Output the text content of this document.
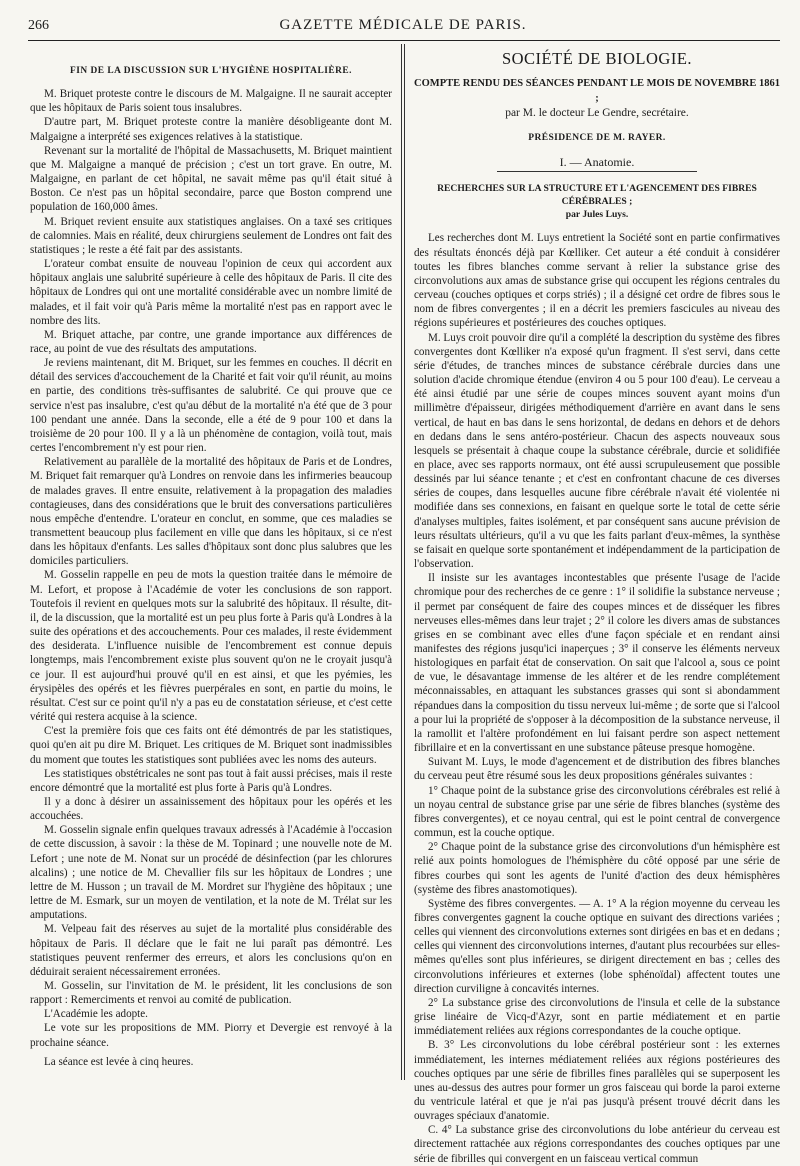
266	GAZETTE MÉDICALE DE PARIS.
FIN DE LA DISCUSSION SUR L'HYGIÈNE HOSPITALIÈRE.

M. Briquet proteste contre le discours de M. Malgaigne. Il ne saurait accepter que les hôpitaux de Paris soient tous insalubres.

D'autre part, M. Briquet proteste contre la manière désobligeante dont M. Malgaigne a interprété ses exigences relatives à la statistique.

Revenant sur la mortalité de l'hôpital de Massachusetts, M. Briquet maintient que M. Malgaigne a manqué de précision ; c'est un tort grave. En outre, M. Malgaigne, en parlant de cet hôpital, ne savait même pas qu'il était situé à Boston. Ce n'est pas un hôpital secondaire, parce que Boston comprend une population de 160,000 âmes.

M. Briquet revient ensuite aux statistiques anglaises. On a taxé ses critiques de calomnies. Mais en réalité, deux chirurgiens seulement de Londres ont fait des statistiques ; le reste a été fait par des assistants.

L'orateur combat ensuite de nouveau l'opinion de ceux qui accordent aux hôpitaux anglais une salubrité supérieure à celle des hôpitaux de Paris. Il cite des hôpitaux de Londres qui ont une mortalité considérable avec un nombre limité de malades, et il fait voir qu'à Paris même la mortalité n'est pas en rapport avec le nombre des lits.

M. Briquet attache, par contre, une grande importance aux différences de race, au point de vue des résultats des amputations.

Je reviens maintenant, dit M. Briquet, sur les femmes en couches. Il décrit en détail des services d'accouchement de la Charité et fait voir qu'il réunit, au moins en partie, des conditions très-suffisantes de salubrité. Ce qui prouve que ce service n'est pas insalubre, c'est qu'au début de la mortalité n'a été que de 3 pour 100 pendant une année. Dans la seconde, elle a été de 9 pour 100 et dans la troisième de 20 pour 100. Il y a là un phénomène de contagion, voilà tout, mais certes l'encombrement n'y est pour rien.

Relativement au parallèle de la mortalité des hôpitaux de Paris et de Londres, M. Briquet fait remarquer qu'à Londres on renvoie dans les infirmeries beaucoup de malades graves. Il entre ensuite, relativement à la propagation des maladies contagieuses, dans des considérations que le bruit des conversations particulières nous empêche d'entendre. L'orateur en conclut, en somme, que ces maladies se transmettent beaucoup plus facilement en ville que dans les hôpitaux, si ce n'est dans les hôpitaux d'enfants. Les salles d'hôpitaux sont donc plus salubres que les domiciles particuliers.

M. Gosselin rappelle en peu de mots la question traitée dans le mémoire de M. Lefort, et propose à l'Académie de voter les conclusions de son rapport. Toutefois il revient en quelques mots sur la salubrité des hôpitaux. Il résulte, dit-il, de la discussion, que la mortalité est un peu plus forte à Paris qu'à Londres à la suite des opérations et des accouchements. Pour ces malades, il reste évidemment des desiderata. L'influence nuisible de l'encombrement est connue depuis longtemps, mais l'encombrement existe plus souvent qu'on ne le croyait jusqu'à ce jour. Il est aujourd'hui prouvé qu'il en est ainsi, et que les pyémies, les érysipèles des opérés et les fièvres puerpérales en sont, en partie du moins, le résultat. C'est sur ce point qu'il n'y a pas eu de constatation sérieuse, et c'est cette vérité qui restera acquise à la science.

C'est la première fois que ces faits ont été démontrés de par les statistiques, quoi qu'en ait pu dire M. Briquet. Les critiques de M. Briquet sont inadmissibles du moment que toutes les statistiques sont publiées avec les noms des auteurs.

Les statistiques obstétricales ne sont pas tout à fait aussi précises, mais il reste encore démontré que la mortalité est plus forte à Paris qu'à Londres.

Il y a donc à désirer un assainissement des hôpitaux pour les opérés et les accouchées.

M. Gosselin signale enfin quelques travaux adressés à l'Académie à l'occasion de cette discussion, à savoir : la thèse de M. Topinard ; une nouvelle note de M. Lefort ; une note de M. Nonat sur un procédé de désinfection (par les chlorures alcalins) ; une notice de M. Chevallier fils sur les hôpitaux de Londres ; une lettre de M. Husson ; un travail de M. Mordret sur l'hygiène des hôpitaux ; une lettre de M. Esmark, sur un moyen de ventilation, et la note de M. Trélat sur les amputations.

M. Velpeau fait des réserves au sujet de la mortalité plus considérable des hôpitaux de Paris. Il déclare que le fait ne lui paraît pas démontré. Les statistiques peuvent renfermer des erreurs, et alors les conclusions qu'on en déduirait seraient nécessairement erronées.

M. Gosselin, sur l'invitation de M. le président, lit les conclusions de son rapport : Remerciments et renvoi au comité de publication.

L'Académie les adopte.

Le vote sur les propositions de MM. Piorry et Devergie est renvoyé à la prochaine séance.

La séance est levée à cinq heures.

SOCIÉTÉ DE BIOLOGIE.
COMPTE RENDU DES SÉANCES PENDANT LE MOIS DE NOVEMBRE 1861 ;
par M. le docteur Le Gendre, secrétaire.
PRÉSIDENCE DE M. RAYER.
I. — Anatomie.
RECHERCHES SUR LA STRUCTURE ET L'AGENCEMENT DES FIBRES CÉRÉBRALES ;
par Jules Luys.

Les recherches dont M. Luys entretient la Société sont en partie confirmatives des résultats énoncés déjà par Kœlliker. Cet auteur a été conduit à considérer toutes les fibres blanches comme servant à relier la substance grise des circonvolutions aux amas de substance grise qui occupent les régions centrales du cerveau (couches optiques et corps striés) ; il a désigné cet ordre de fibres sous le nom de fibres convergentes ; il en a décrit les premiers fascicules au niveau des régions supérieures et postérieures des couches optiques.

M. Luys croit pouvoir dire qu'il a complété la description du système des fibres convergentes dont Kœlliker n'a exposé qu'un fragment. Il s'est servi, dans cette série d'études, de tranches minces de substance cérébrale durcies dans une solution d'acide chromique étendue (environ 4 ou 5 pour 100 d'eau). Le cerveau a été ainsi étudié par une série de coupes minces souvent ayant moins d'un millimètre d'épaisseur, dirigées méthodiquement d'arrière en avant dans le sens vertical, de haut en bas dans le sens horizontal, de dedans en dehors et de dehors en dedans dans le sens antéro-postérieur. Chacun des aspects nouveaux sous lesquels se présentait à chaque coupe la substance cérébrale, durcie et solidifiée en place, avec ses rapports normaux, ont été aussi scrupuleusement que possible dessinés par lui séance tenante ; et c'est en confrontant chacune de ces diverses séries de coupes, dans lesquelles aucune fibre cérébrale n'avait été violentée ni modifiée dans ses connexions, en faisant en quelque sorte le total de cette série d'analyses multiples, faites isolément, et par conséquent sans aucune prévision de leurs résultats ultérieurs, qu'il a vu que les faits parlant d'eux-mêmes, la synthèse se faisait en quelque sorte spontanément et indépendamment de la participation de l'observation.

Il insiste sur les avantages incontestables que présente l'usage de l'acide chromique pour des recherches de ce genre : 1° il solidifie la substance nerveuse ; il permet par conséquent de faire des coupes minces et de disséquer les fibres nerveuses elles-mêmes dans leur trajet ; 2° il colore les divers amas de substances grises en se combinant avec elles d'une façon spéciale et en rendant ainsi manifestes des régions jusqu'ici inaperçues ; 3° il conserve les éléments nerveux histologiques en parfait état de conservation. On sait que l'alcool a, sous ce point de vue, le désavantage immense de les altérer et de les rendre complétement méconnaissables, en attaquant les substances grasses qui sont si abondamment répandues dans la composition du tissu nerveux lui-même ; de sorte que si l'alcool a pour lui la propriété de s'opposer à la décomposition de la substance nerveuse, il la ramollit et l'altère profondément en lui faisant perdre son aspect nettement fibrillaire et en la convertissant en une substance pâteuse presque homogène.

Suivant M. Luys, le mode d'agencement et de distribution des fibres blanches du cerveau peut être résumé sous les deux propositions générales suivantes :

1° Chaque point de la substance grise des circonvolutions cérébrales est relié à un noyau central de substance grise par une série de fibres blanches (système des fibres convergentes), et ce noyau central, qui est le point central de convergence commun, est la couche optique.

2° Chaque point de la substance grise des circonvolutions d'un hémisphère est relié aux points homologues de l'hémisphère du côté opposé par une série de fibres courbes qui sont les agents de l'unité d'action des deux hémisphères (système des fibres anastomotiques).

Système des fibres convergentes. — A. 1° A la région moyenne du cerveau les fibres convergentes gagnent la couche optique en suivant des directions variées ; celles qui viennent des circonvolutions externes sont dirigées en bas et en dedans ; celles qui viennent des circonvolutions internes, d'autant plus recourbées sur elles-mêmes qu'elles sont plus inférieures, se dirigent directement en bas ; celles des circonvolutions inférieures et externes (lobe sphénoïdal) affectent toutes une direction curviligne à concavités internes.

2° La substance grise des circonvolutions de l'insula et celle de la substance grise linéaire de Vicq-d'Azyr, sont en partie médiatement et en partie immédiatement reliées aux régions correspondantes de la couche optique.

B. 3° Les circonvolutions du lobe cérébral postérieur sont : les externes immédiatement, les internes médiatement reliées aux régions postérieures des couches optiques par une série de fibrilles fines parallèles qui se superposent les unes au-dessus des autres pour former un gros faisceau qui borde la paroi externe du ventricule latéral et que je n'ai pas jusqu'à présent trouvé décrit dans les ouvrages spéciaux d'anatomie.

C. 4° La substance grise des circonvolutions du lobe antérieur du cerveau est directement rattachée aux régions correspondantes des couches optiques par une série de fibrilles qui convergent en un faisceau vertical commun
